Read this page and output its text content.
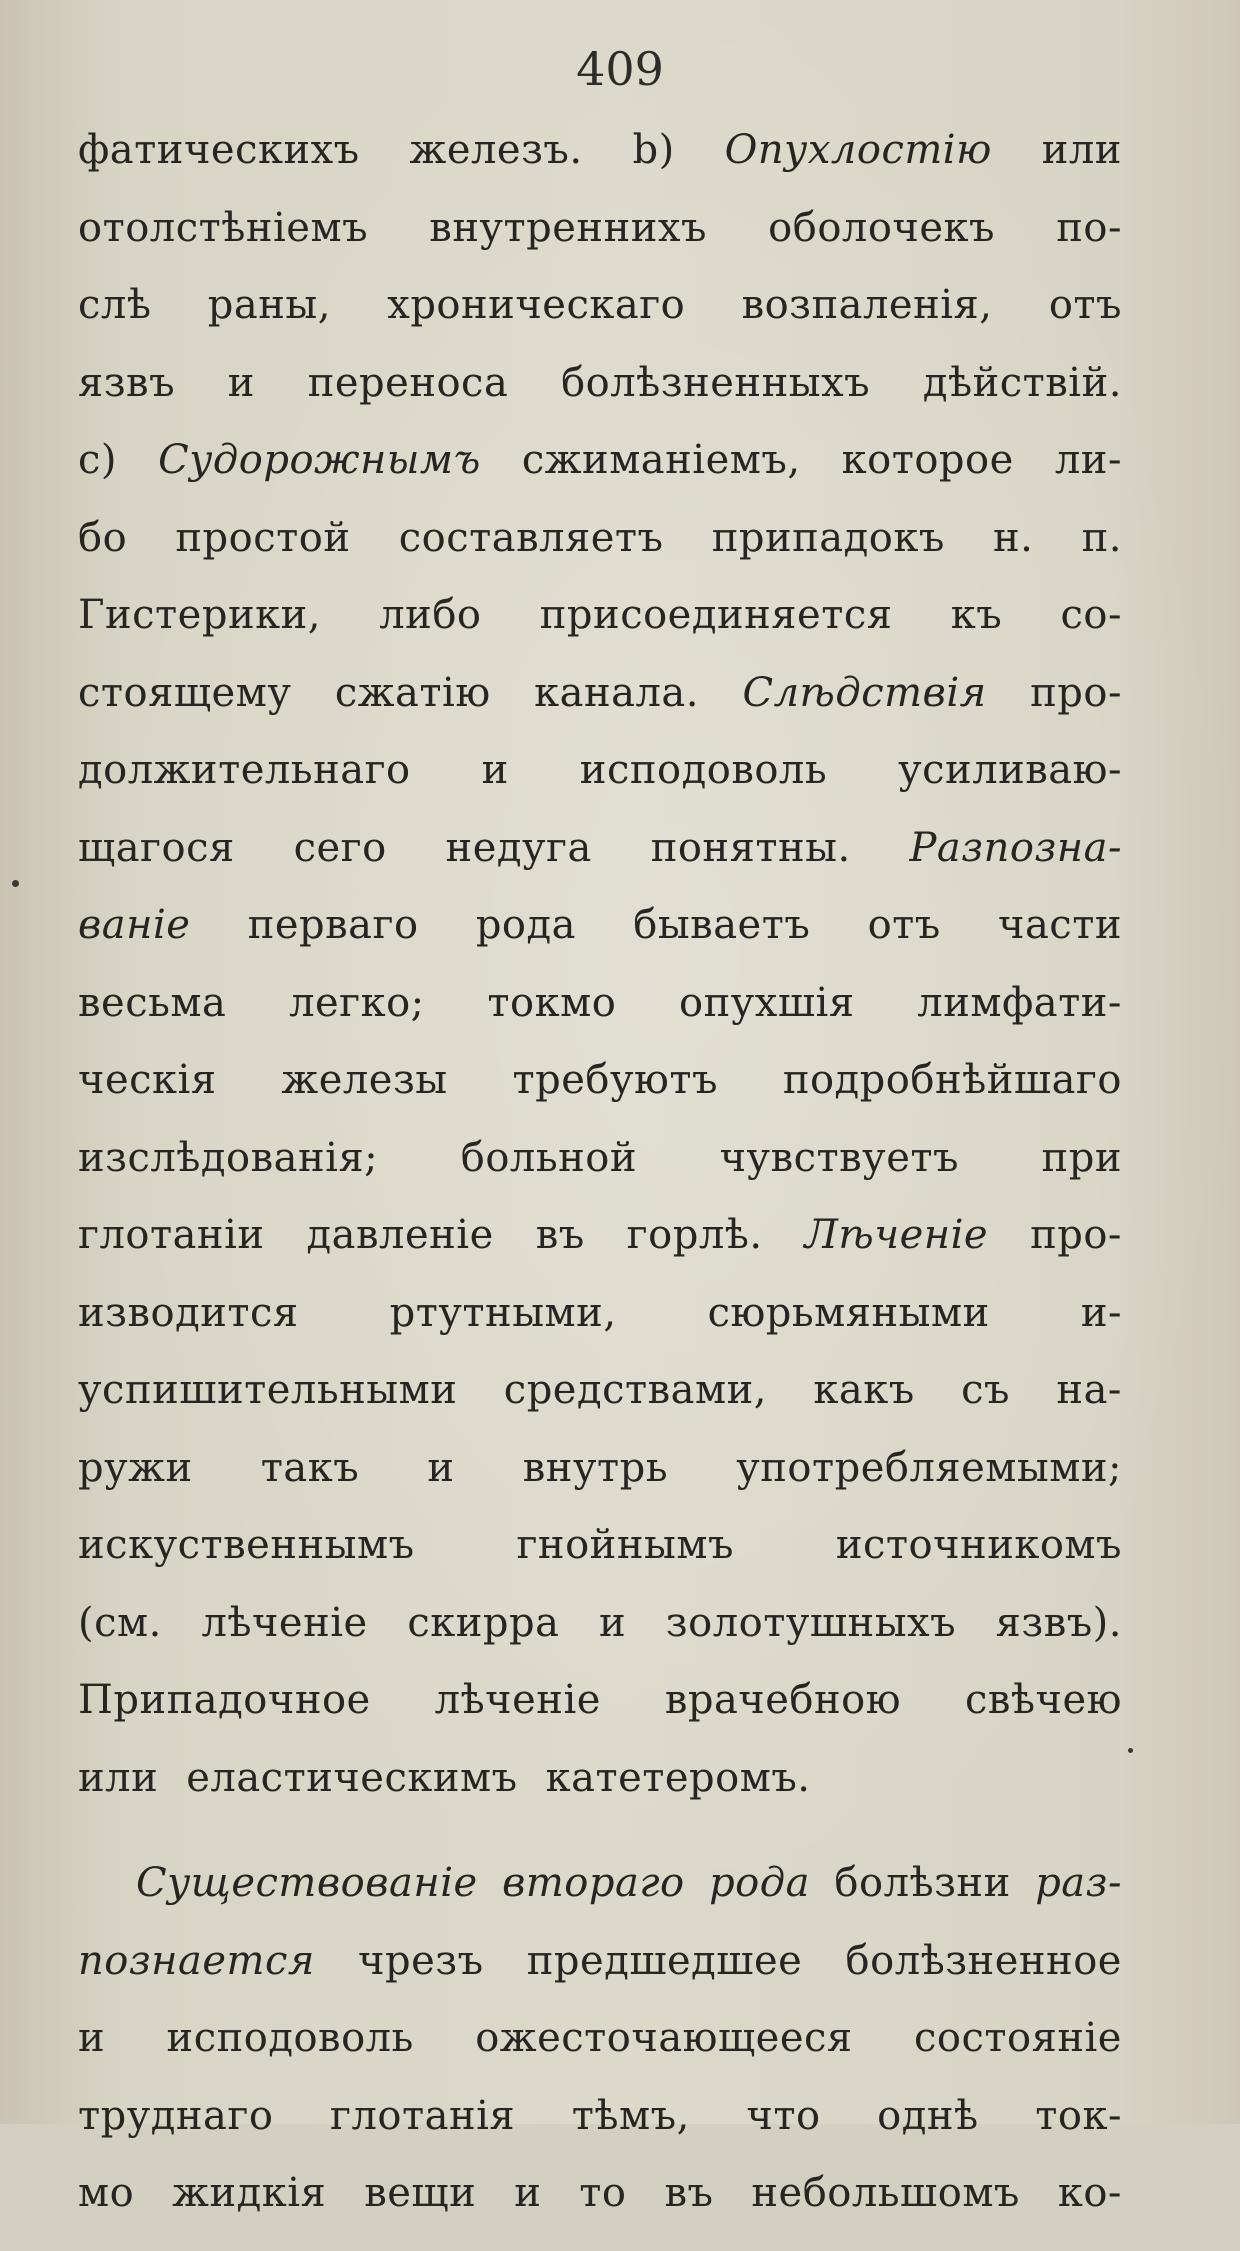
409
фатическихъ железъ. b) Опухлостію или
отолстѣніемъ внутреннихъ оболочекъ по-
слѣ раны, хроническаго возпаленія, отъ
язвъ и переноса болѣзненныхъ дѣйствій.
c) Судорожнымъ сжиманіемъ, которое ли-
бо простой составляетъ припадокъ н. п.
Гистерики, либо присоединяется къ со-
стоящему сжатію канала. Слѣдствія про-
должительнаго и исподоволь усиливаю-
щагося сего недуга понятны. Разпозна-
ваніе перваго рода бываетъ отъ части
весьма легко; токмо опухшія лимфати-
ческія железы требуютъ подробнѣйшаго
изслѣдованія; больной чувствуетъ при
глотаніи давленіе въ горлѣ. Лѣченіе про-
изводится ртутными, сюрьмяными и-
успишительными средствами, какъ съ на-
ружи такъ и внутрь употребляемыми;
искуственнымъ	гнойнымъ	источникомъ
(см. лѣченіе скирра и золотушныхъ язвъ).
Припадочное лѣченіе врачебною свѣчею
или еластическимъ катетеромъ.
Существованіе втораго рода болѣзни раз-
познается чрезъ предшедшее болѣзненное
и исподоволь ожесточающееся состояніе
труднаго глотанія тѣмъ, что однѣ ток-
мо жидкія вещи и то въ небольшомъ ко-
